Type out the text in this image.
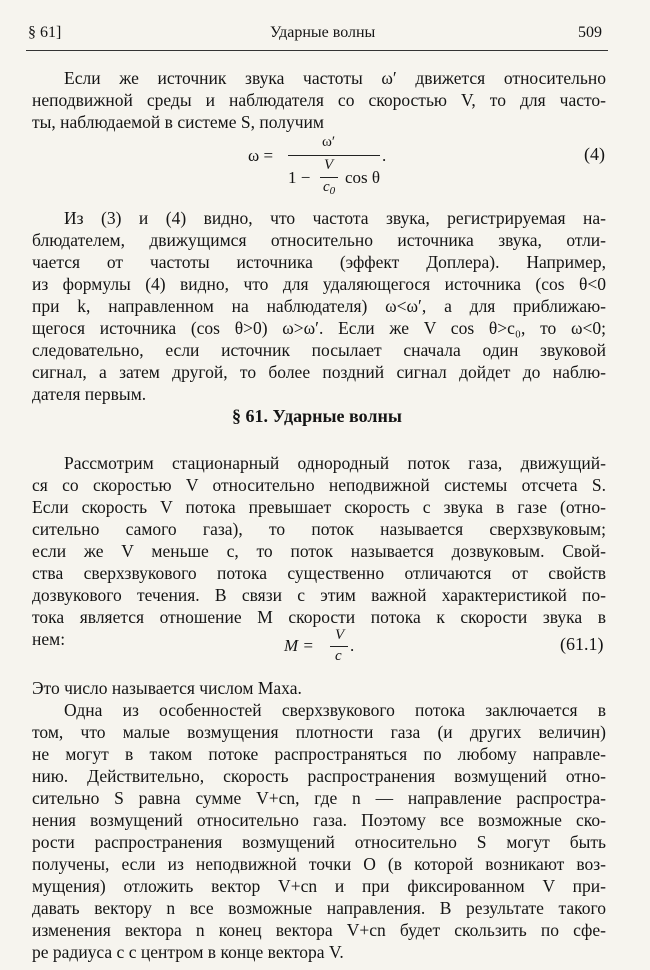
§ 61]	Ударные волны	509
Если же источник звука частоты ω′ движется относительно
неподвижной среды и наблюдателя со скоростью V, то для часто-
ты, наблюдаемой в системе S, получим
ω =
ω′
1 −
V
$c_0$
cos θ
.	(4)
Из (3) и (4) видно, что частота звука, регистрируемая на-
блюдателем, движущимся относительно источника звука, отли-
чается от частоты источника (эффект Доплера). Например,
из формулы (4) видно, что для удаляющегося источника (cos θ<0
при k, направленном на наблюдателя) ω<ω′, а для приближаю-
щегося источника (cos θ>0) ω>ω′. Если же V cos θ>c₀, то ω<0;
следовательно, если источник посылает сначала один звуковой
сигнал, а затем другой, то более поздний сигнал дойдет до наблю-
дателя первым.
§ 61. Ударные волны
Рассмотрим стационарный однородный поток газа, движущий-
ся со скоростью V относительно неподвижной системы отсчета S.
Если скорость V потока превышает скорость c звука в газе (отно-
сительно самого газа), то поток называется сверхзвуковым;
если же V меньше c, то поток называется дозвуковым. Свой-
ства сверхзвукового потока существенно отличаются от свойств
дозвукового течения. В связи с этим важной характеристикой по-
тока является отношение M скорости потока к скорости звука в
нем:	M =
V
c
.	(61.1)
Это число называется числом Маха.
Одна из особенностей сверхзвукового потока заключается в
том, что малые возмущения плотности газа (и других величин)
не могут в таком потоке распространяться по любому направле-
нию. Действительно, скорость распространения возмущений отно-
сительно S равна сумме V+cn, где n — направление распростра-
нения возмущений относительно газа. Поэтому все возможные ско-
рости распространения возмущений относительно S могут быть
получены, если из неподвижной точки O (в которой возникают воз-
мущения) отложить вектор V+cn и при фиксированном V при-
давать вектору n все возможные направления. В результате такого
изменения вектора n конец вектора V+cn будет скользить по сфе-
ре радиуса c с центром в конце вектора V.
